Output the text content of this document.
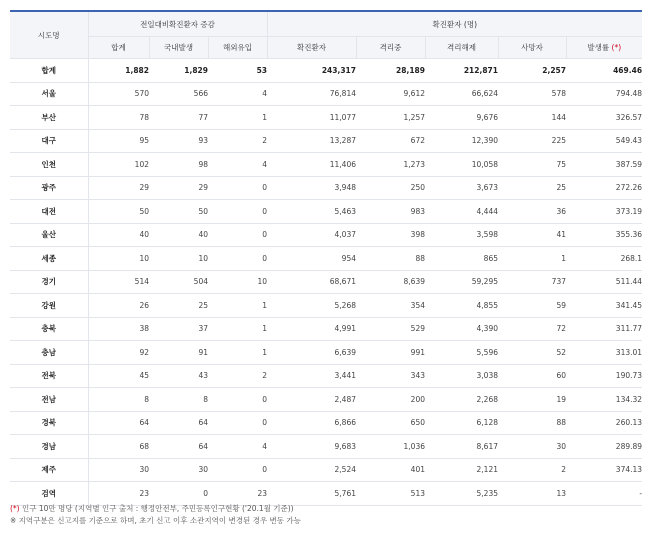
시도명	전일대비확진환자 증감			확진환자 (명)				
	합계	국내발생	해외유입	확진환자	격리중	격리해제	사망자	발생률 (*)
합계	1,882	1,829	53	243,317	28,189	212,871	2,257	469.46
서울	570	566	4	76,814	9,612	66,624	578	794.48
부산	78	77	1	11,077	1,257	9,676	144	326.57
대구	95	93	2	13,287	672	12,390	225	549.43
인천	102	98	4	11,406	1,273	10,058	75	387.59
광주	29	29	0	3,948	250	3,673	25	272.26
대전	50	50	0	5,463	983	4,444	36	373.19
울산	40	40	0	4,037	398	3,598	41	355.36
세종	10	10	0	954	88	865	1	268.1
경기	514	504	10	68,671	8,639	59,295	737	511.44
강원	26	25	1	5,268	354	4,855	59	341.45
충북	38	37	1	4,991	529	4,390	72	311.77
충남	92	91	1	6,639	991	5,596	52	313.01
전북	45	43	2	3,441	343	3,038	60	190.73
전남	8	8	0	2,487	200	2,268	19	134.32
경북	64	64	0	6,866	650	6,128	88	260.13
경남	68	64	4	9,683	1,036	8,617	30	289.89
제주	30	30	0	2,524	401	2,121	2	374.13
검역	23	0	23	5,761	513	5,235	13	-
(*) 인구 10만 명당 (지역별 인구 출처 : 행정안전부, 주민등록인구현황 ('20.1월 기준))
※ 지역구분은 신고지를 기준으로 하며, 초기 신고 이후 소관지역이 변경된 경우 변동 가능
